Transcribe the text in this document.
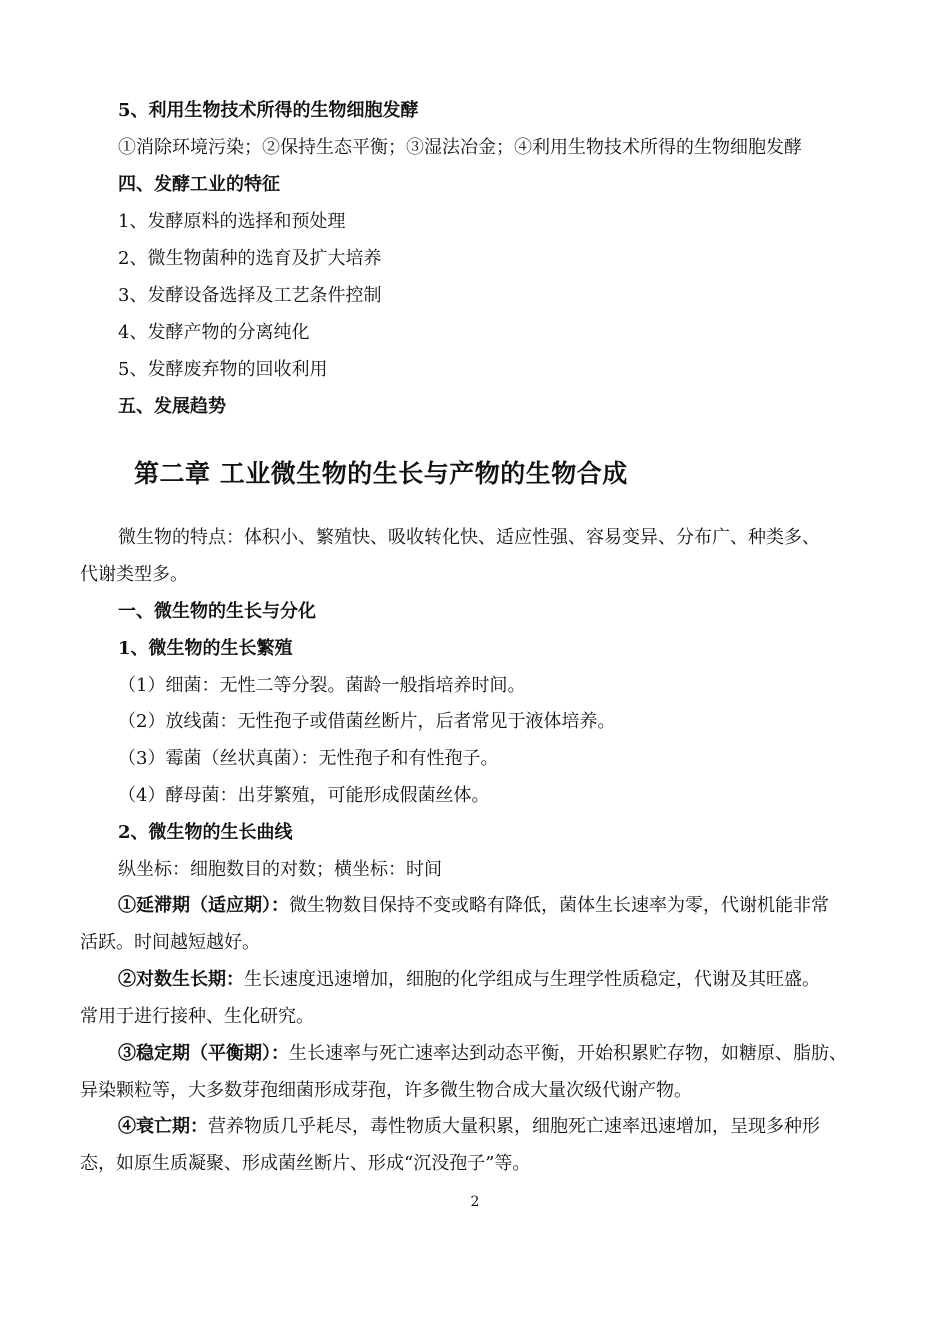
5、利用生物技术所得的生物细胞发酵
①消除环境污染；②保持生态平衡；③湿法冶金；④利用生物技术所得的生物细胞发酵
四、发酵工业的特征
1、发酵原料的选择和预处理
2、微生物菌种的选育及扩大培养
3、发酵设备选择及工艺条件控制
4、发酵产物的分离纯化
5、发酵废弃物的回收利用
五、发展趋势
第二章 工业微生物的生长与产物的生物合成
微生物的特点：体积小、繁殖快、吸收转化快、适应性强、容易变异、分布广、种类多、
代谢类型多。
一、微生物的生长与分化
1、微生物的生长繁殖
（1）细菌：无性二等分裂。菌龄一般指培养时间。
（2）放线菌：无性孢子或借菌丝断片，后者常见于液体培养。
（3）霉菌（丝状真菌）：无性孢子和有性孢子。
（4）酵母菌：出芽繁殖，可能形成假菌丝体。
2、微生物的生长曲线
纵坐标：细胞数目的对数；横坐标：时间
①延滞期（适应期）：微生物数目保持不变或略有降低，菌体生长速率为零，代谢机能非常
活跃。时间越短越好。
②对数生长期：生长速度迅速增加，细胞的化学组成与生理学性质稳定，代谢及其旺盛。
常用于进行接种、生化研究。
③稳定期（平衡期）：生长速率与死亡速率达到动态平衡，开始积累贮存物，如糖原、脂肪、
异染颗粒等，大多数芽孢细菌形成芽孢，许多微生物合成大量次级代谢产物。
④衰亡期：营养物质几乎耗尽，毒性物质大量积累，细胞死亡速率迅速增加，呈现多种形
态，如原生质凝聚、形成菌丝断片、形成“沉没孢子”等。
2
